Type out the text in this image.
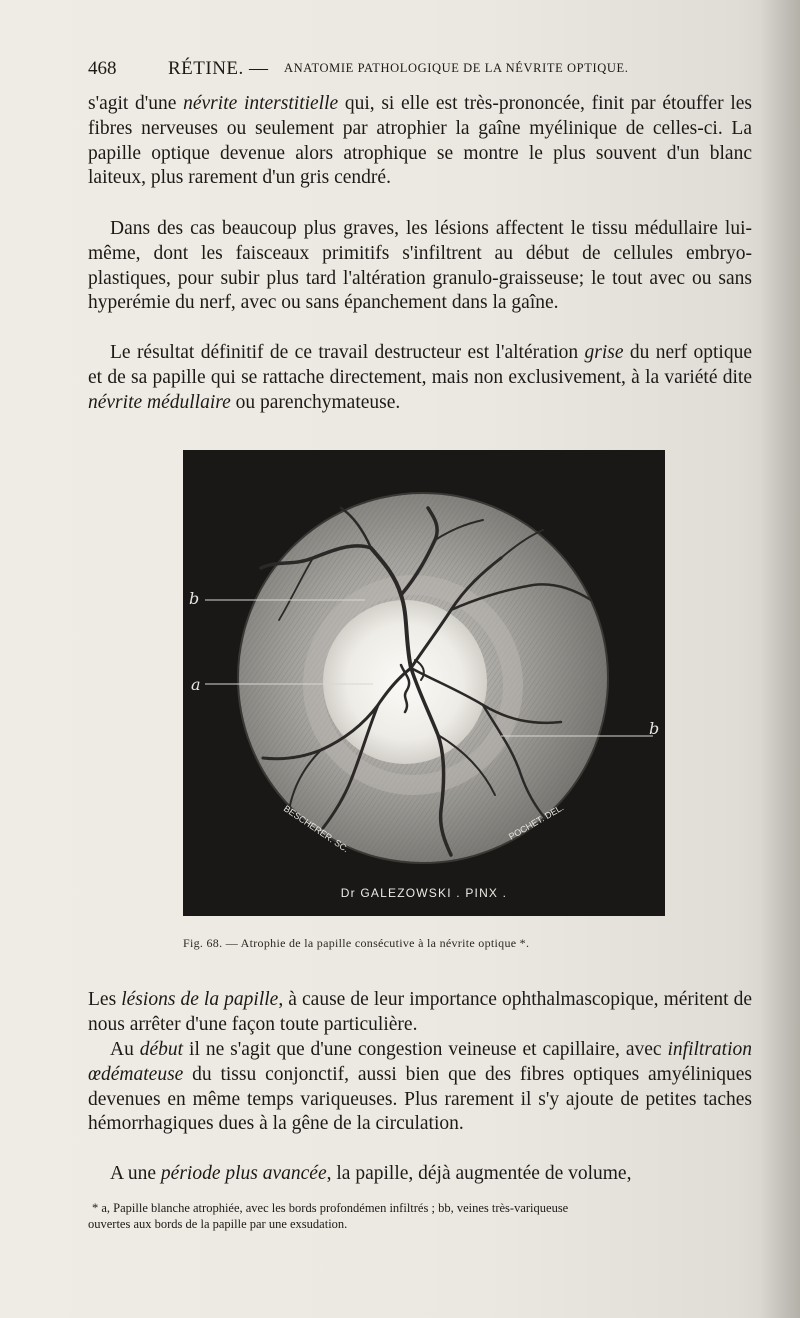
468	RÉTINE. — ANATOMIE PATHOLOGIQUE DE LA NÉVRITE OPTIQUE.
s'agit d'une névrite interstitielle qui, si elle est très-prononcée, finit par étouffer les fibres nerveuses ou seulement par atrophier la gaîne myélinique de celles-ci. La papille optique devenue alors atrophique se montre le plus souvent d'un blanc laiteux, plus rarement d'un gris cendré.
Dans des cas beaucoup plus graves, les lésions affectent le tissu médullaire lui-même, dont les faisceaux primitifs s'infiltrent au début de cellules embryo-plastiques, pour subir plus tard l'altération granulo-graisseuse; le tout avec ou sans hyperémie du nerf, avec ou sans épanchement dans la gaîne.
Le résultat définitif de ce travail destructeur est l'altération grise du nerf optique et de sa papille qui se rattache directement, mais non exclusivement, à la variété dite névrite médullaire ou parenchymateuse.
b
a
b
BESCHERER. SC.	POCHET. DEL.
Dr GALEZOWSKI . PINX .
Fig. 68. — Atrophie de la papille consécutive à la névrite optique *.
Les lésions de la papille, à cause de leur importance ophthalmascopique, méritent de nous arrêter d'une façon toute particulière.
Au début il ne s'agit que d'une congestion veineuse et capillaire, avec infiltration œdémateuse du tissu conjonctif, aussi bien que des fibres optiques amyéliniques devenues en même temps variqueuses. Plus rarement il s'y ajoute de petites taches hémorrhagiques dues à la gêne de la circulation.
A une période plus avancée, la papille, déjà augmentée de volume,
* a, Papille blanche atrophiée, avec les bords profondémen infiltrés ; bb, veines très-variqueuse
ouvertes aux bords de la papille par une exsudation.
